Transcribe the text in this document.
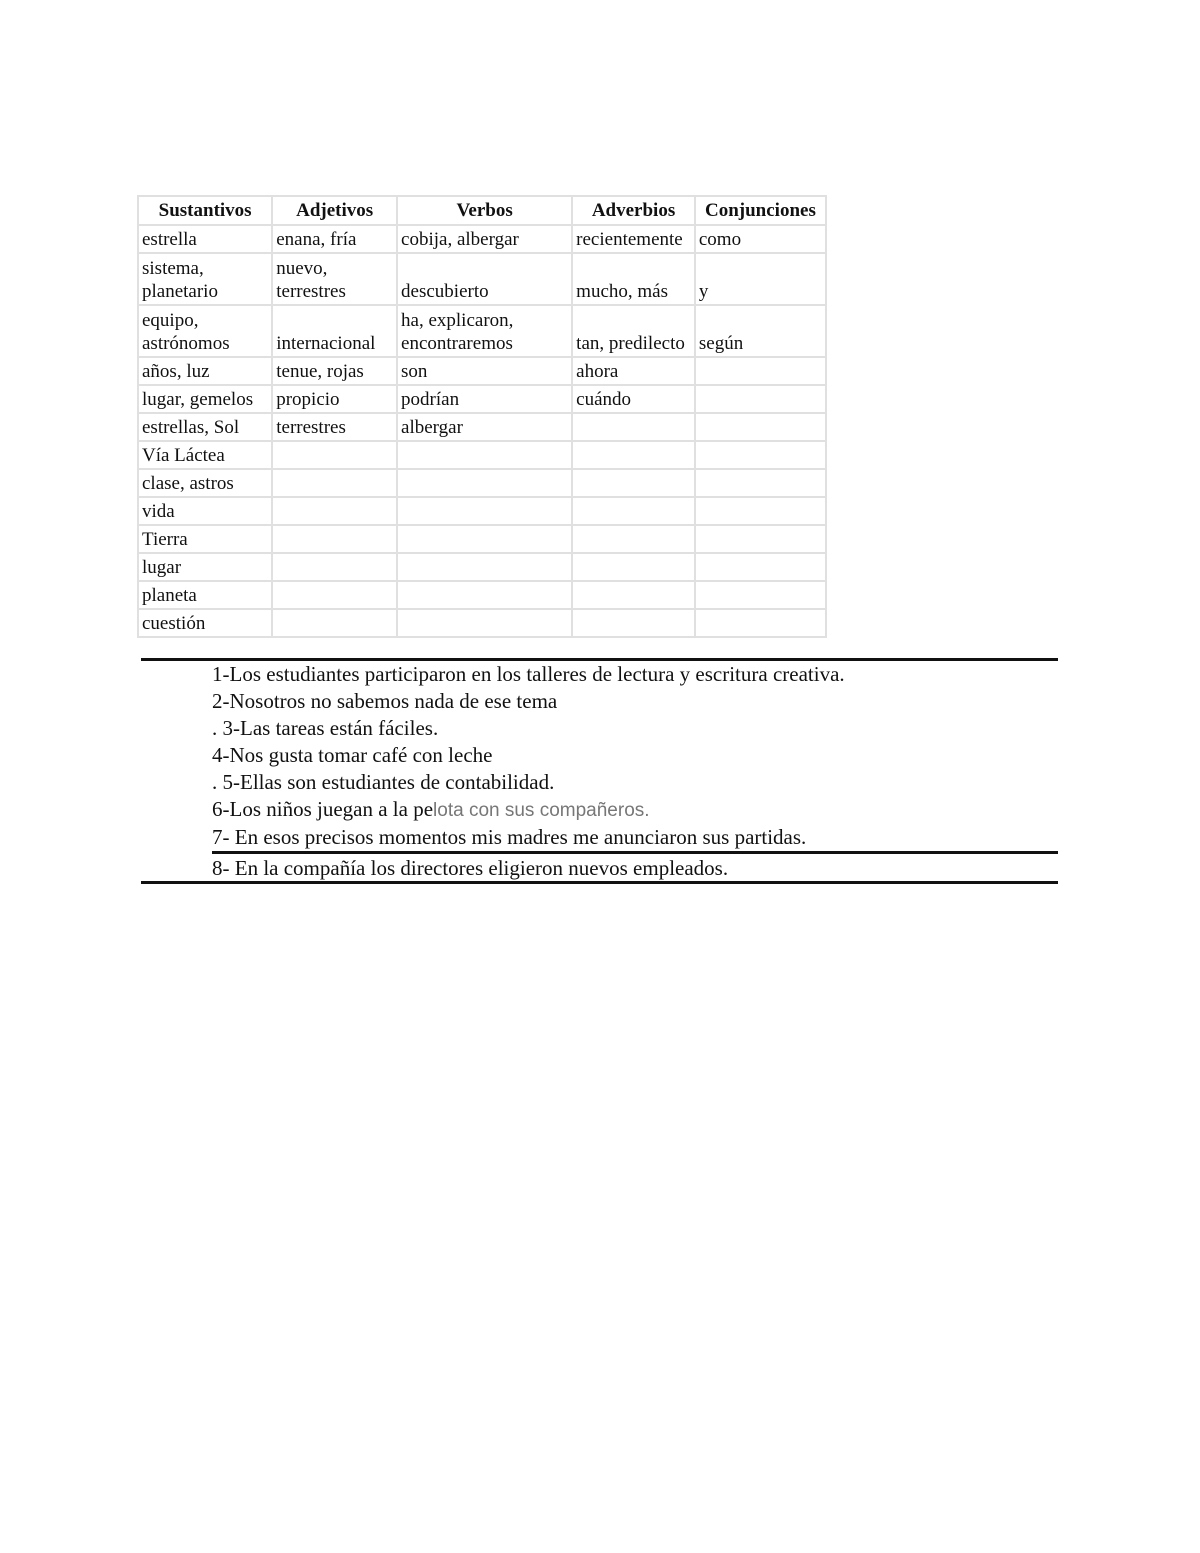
Sustantivos	Adjetivos	Verbos	Adverbios	Conjunciones
estrella	enana, fría	cobija, albergar	recientemente	como
sistema, planetario	nuevo, terrestres	descubierto	mucho, más	y
equipo, astrónomos	internacional	ha, explicaron, encontraremos	tan, predilecto	según
años, luz	tenue, rojas	son	ahora	
lugar, gemelos	propicio	podrían	cuándo	
estrellas, Sol	terrestres	albergar		
Vía Láctea				
clase, astros				
vida				
Tierra				
lugar				
planeta				
cuestión				
1-Los estudiantes participaron en los talleres de lectura y escritura creativa.
2-Nosotros no sabemos nada de ese tema
. 3-Las tareas están fáciles.
4-Nos gusta tomar café con leche
. 5-Ellas son estudiantes de contabilidad.
6-Los niños juegan a la pelota con sus compañeros.
7- En esos precisos momentos mis madres me anunciaron sus partidas.
8- En la compañía los directores eligieron nuevos empleados.
